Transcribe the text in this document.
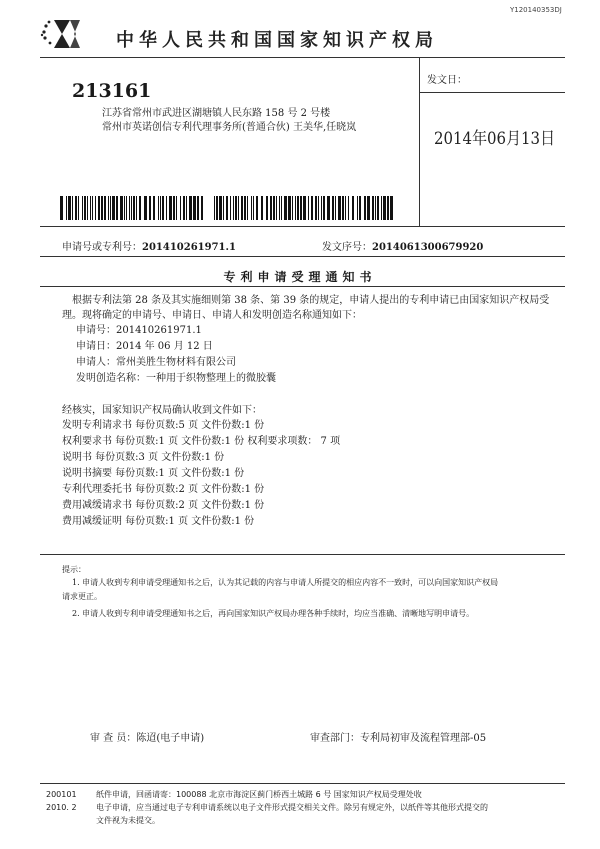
Y120140353DJ
中华人民共和国国家知识产权局
213161
江苏省常州市武进区湖塘镇人民东路 158 号 2 号楼
常州市英诺创信专利代理事务所(普通合伙) 王美华,任晓岚
发文日：
2014年06月13日
申请号或专利号：201410261971.1	发文序号：2014061300679920
专利申请受理通知书
根据专利法第 28 条及其实施细则第 38 条、第 39 条的规定，申请人提出的专利申请已由国家知识产权局受理。现将确定的申请号、申请日、申请人和发明创造名称通知如下：
申请号：201410261971.1
申请日：2014 年 06 月 12 日
申请人：常州美胜生物材料有限公司
发明创造名称：一种用于织物整理上的微胶囊
经核实，国家知识产权局确认收到文件如下：
发明专利请求书 每份页数:5 页 文件份数:1 份
权利要求书 每份页数:1 页 文件份数:1 份 权利要求项数： 7 项
说明书 每份页数:3 页 文件份数:1 份
说明书摘要 每份页数:1 页 文件份数:1 份
专利代理委托书 每份页数:2 页 文件份数:1 份
费用减缓请求书 每份页数:2 页 文件份数:1 份
费用减缓证明 每份页数:1 页 文件份数:1 份
提示：
1. 申请人收到专利申请受理通知书之后，认为其记载的内容与申请人所提交的相应内容不一致时，可以向国家知识产权局
请求更正。
2. 申请人收到专利申请受理通知书之后，再向国家知识产权局办理各种手续时，均应当准确、清晰地写明申请号。
审 查 员：陈迢(电子申请)	审查部门：专利局初审及流程管理部-05
200101 纸件申请，回函请寄：100088 北京市海淀区蓟门桥西土城路 6 号 国家知识产权局受理处收
2010. 2 电子申请，应当通过电子专利申请系统以电子文件形式提交相关文件。除另有规定外，以纸件等其他形式提交的
文件视为未提交。
